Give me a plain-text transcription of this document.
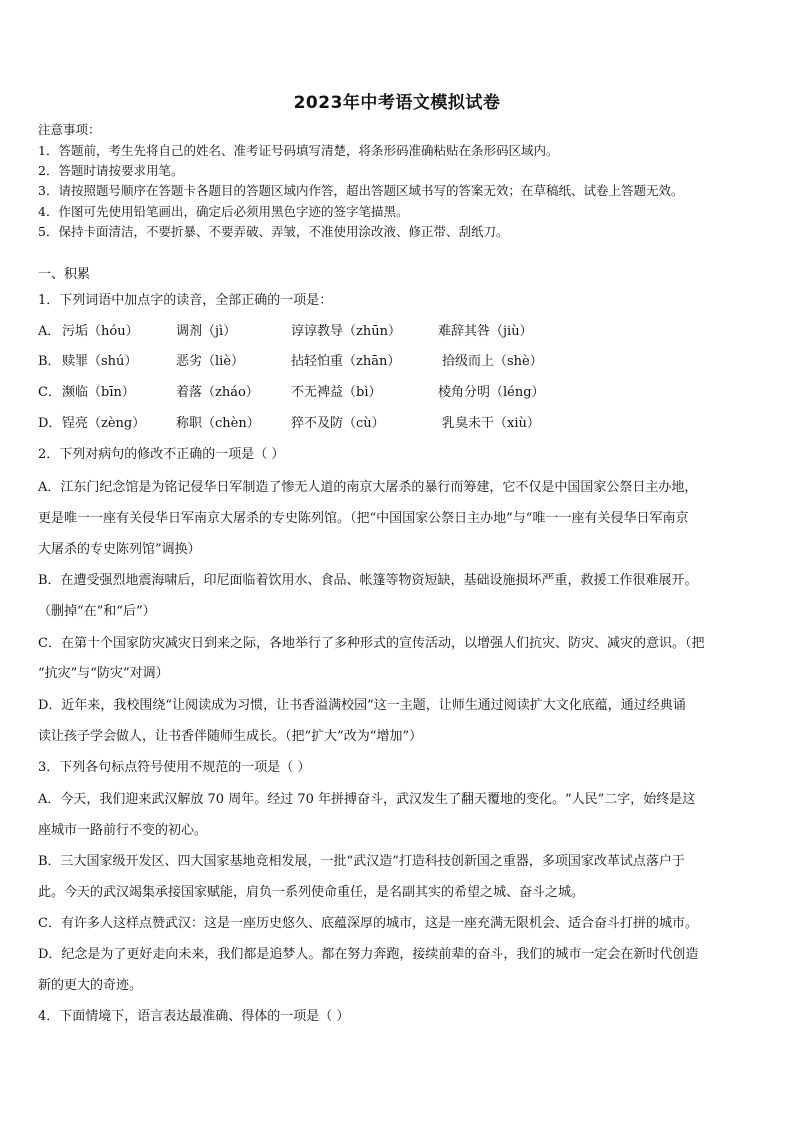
2023年中考语文模拟试卷
注意事项：
1．答题前，考生先将自己的姓名、准考证号码填写清楚，将条形码准确粘贴在条形码区域内。
2．答题时请按要求用笔。
3．请按照题号顺序在答题卡各题目的答题区域内作答，超出答题区域书写的答案无效；在草稿纸、试卷上答题无效。
4．作图可先使用铅笔画出，确定后必须用黑色字迹的签字笔描黑。
5．保持卡面清洁，不要折暴、不要弄破、弄皱，不准使用涂改液、修正带、刮纸刀。
一、积累
1．下列词语中加点字的读音，全部正确的一项是：
A． 污垢（hóu）	调剂（jì）	谆谆教导（zhūn）	难辞其咎（jiù）
B． 赎罪（shú）	恶劣（liè）	拈轻怕重（zhān）	拾级而上（shè）
C． 濒临（bīn）	着落（zháo） 不无裨益（bì）	棱角分明（léng）
D． 锃亮（zèng） 称职（chèn） 猝不及防（cù）	乳臭未干（xiù）
2．下列对病句的修改不正确的一项是（ ）
A．江东门纪念馆是为铭记侵华日军制造了惨无人道的南京大屠杀的暴行而筹建，它不仅是中国国家公祭日主办地，
更是唯一一座有关侵华日军南京大屠杀的专史陈列馆。（把“中国国家公祭日主办地”与“唯一一座有关侵华日军南京
大屠杀的专史陈列馆”调换）
B．在遭受强烈地震海啸后，印尼面临着饮用水、食品、帐篷等物资短缺，基础设施损坏严重，救援工作很难展开。
（删掉“在”和“后”）
C．在第十个国家防灾减灾日到来之际，各地举行了多种形式的宣传活动，以增强人们抗灾、防灾、减灾的意识。（把
“抗灾”与“防灾”对调）
D．近年来，我校围绕“让阅读成为习惯，让书香溢满校园”这一主题，让师生通过阅读扩大文化底蕴，通过经典诵
读让孩子学会做人，让书香伴随师生成长。（把“扩大”改为“增加”）
3．下列各句标点符号使用不规范的一项是（ ）
A．今天，我们迎来武汉解放 70 周年。经过 70 年拼搏奋斗，武汉发生了翻天覆地的变化。“人民”二字，始终是这
座城市一路前行不变的初心。
B．三大国家级开发区、四大国家基地竞相发展，一批“武汉造”打造科技创新国之重器，多项国家改革试点落户于
此。今天的武汉竭集承接国家赋能，肩负一系列使命重任，是名副其实的希望之城、奋斗之城。
C．有许多人这样点赞武汉：这是一座历史悠久、底蕴深厚的城市，这是一座充满无限机会、适合奋斗打拼的城市。
D．纪念是为了更好走向未来，我们都是追梦人。都在努力奔跑，接续前辈的奋斗，我们的城市一定会在新时代创造
新的更大的奇迹。
4．下面情境下，语言表达最准确、得体的一项是（ ）
